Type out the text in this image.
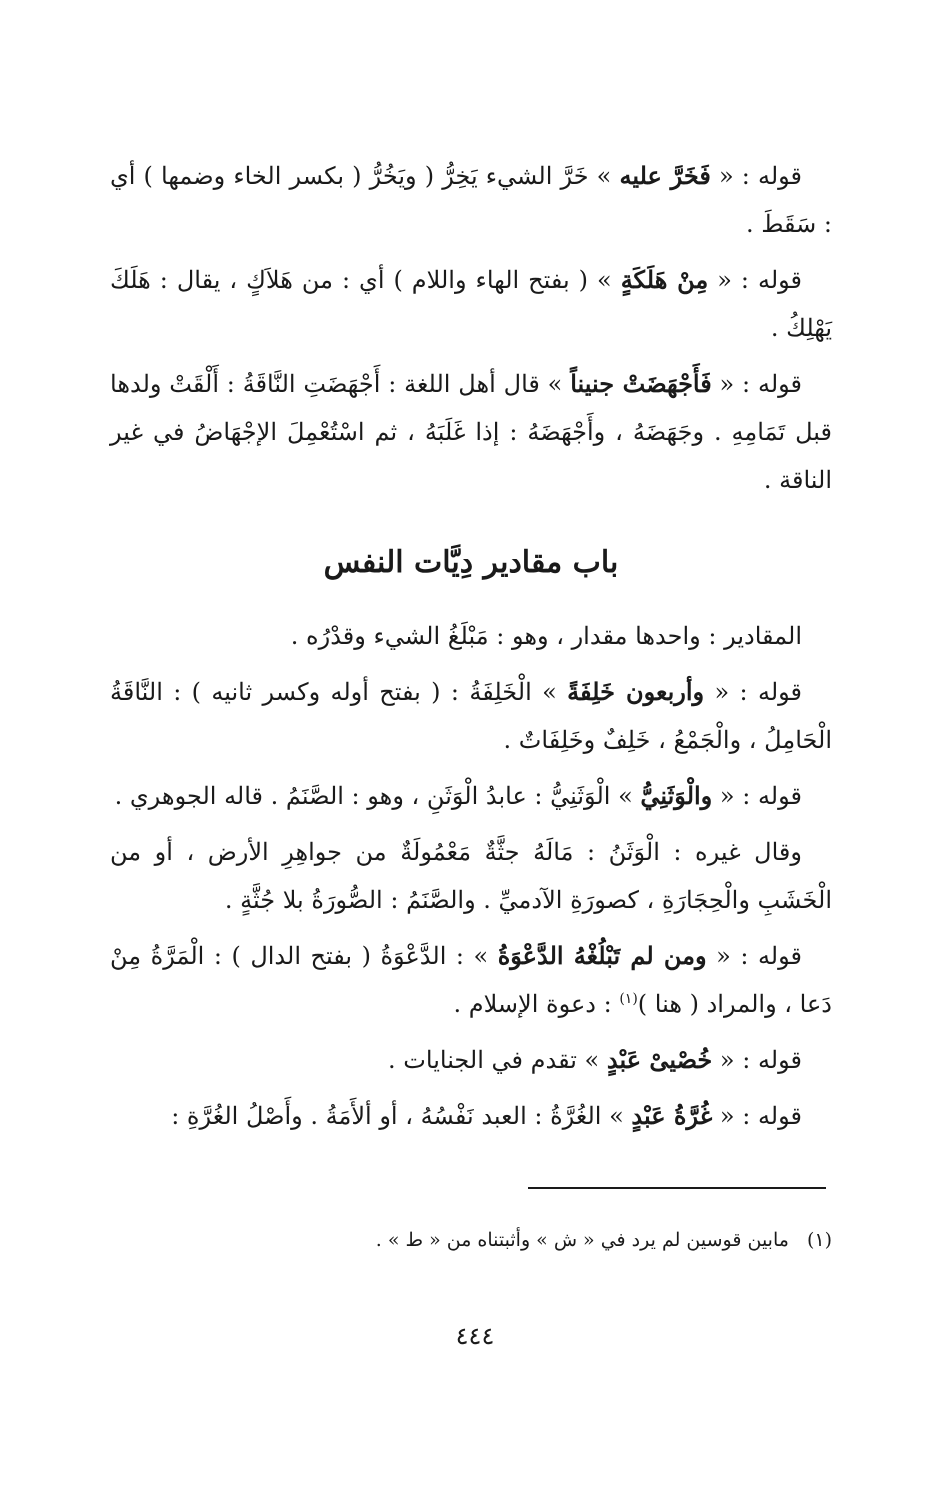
قوله : « فَخَرَّ عليه » خَرَّ الشيء يَخِرُّ ( ويَخُرُّ ( بكسر الخاء وضمها ) أي : سَقَطَ .

قوله : « مِنْ هَلَكَةٍ » ( بفتح الهاء واللام ) أي : من هَلاَكٍ ، يقال : هَلَكَ يَهْلِكُ .

قوله : « فَأَجْهَضَتْ جنيناً » قال أهل اللغة : أَجْهَضَتِ النَّاقَةُ : أَلْقَتْ ولدها قبل تَمَامِهِ . وجَهَضَهُ ، وأَجْهَضَهُ : إذا غَلَبَهُ ، ثم اسْتُعْمِلَ الإجْهَاضُ في غير الناقة .

باب مقادير دِيَّات النفس

المقادير : واحدها مقدار ، وهو : مَبْلَغُ الشيء وقدْرُه .

قوله : « وأربعون خَلِفَةً » الْخَلِفَةُ : ( بفتح أوله وكسر ثانيه ) : النَّاقَةُ الْحَامِلُ ، والْجَمْعُ ، خَلِفٌ وخَلِفَاتٌ .

قوله : « والْوَثَنِيُّ » الْوَثَنِيُّ : عابدُ الْوَثَنِ ، وهو : الصَّنَمُ . قاله الجوهري .

وقال غيره : الْوَثَنُ : مَالَهُ جثَّةٌ مَعْمُولَةٌ من جواهِرِ الأرض ، أو من الْخَشَبِ والْحِجَارَةِ ، كصورَةِ الآدميِّ . والصَّنَمُ : الصُّورَةُ بلا جُثَّةٍ .

قوله : « ومن لم تَبْلُغْهُ الدَّعْوَةُ » : الدَّعْوَةُ ( بفتح الدال ) : الْمَرَّةُ مِنْ دَعا ، والمراد ( هنا )$^{(١)}$ : دعوة الإسلام .

قوله : « خُصْيىْ عَبْدٍ » تقدم في الجنايات .

قوله : « غُرَّةُ عَبْدٍ » الغُرَّةُ : العبد نَفْسُهُ ، أو ألأَمَةُ . وأَصْلُ الغُرَّةِ :

(١)مابين قوسين لم يرد في « ش » وأثبتناه من « ط » .

٤٤٤
